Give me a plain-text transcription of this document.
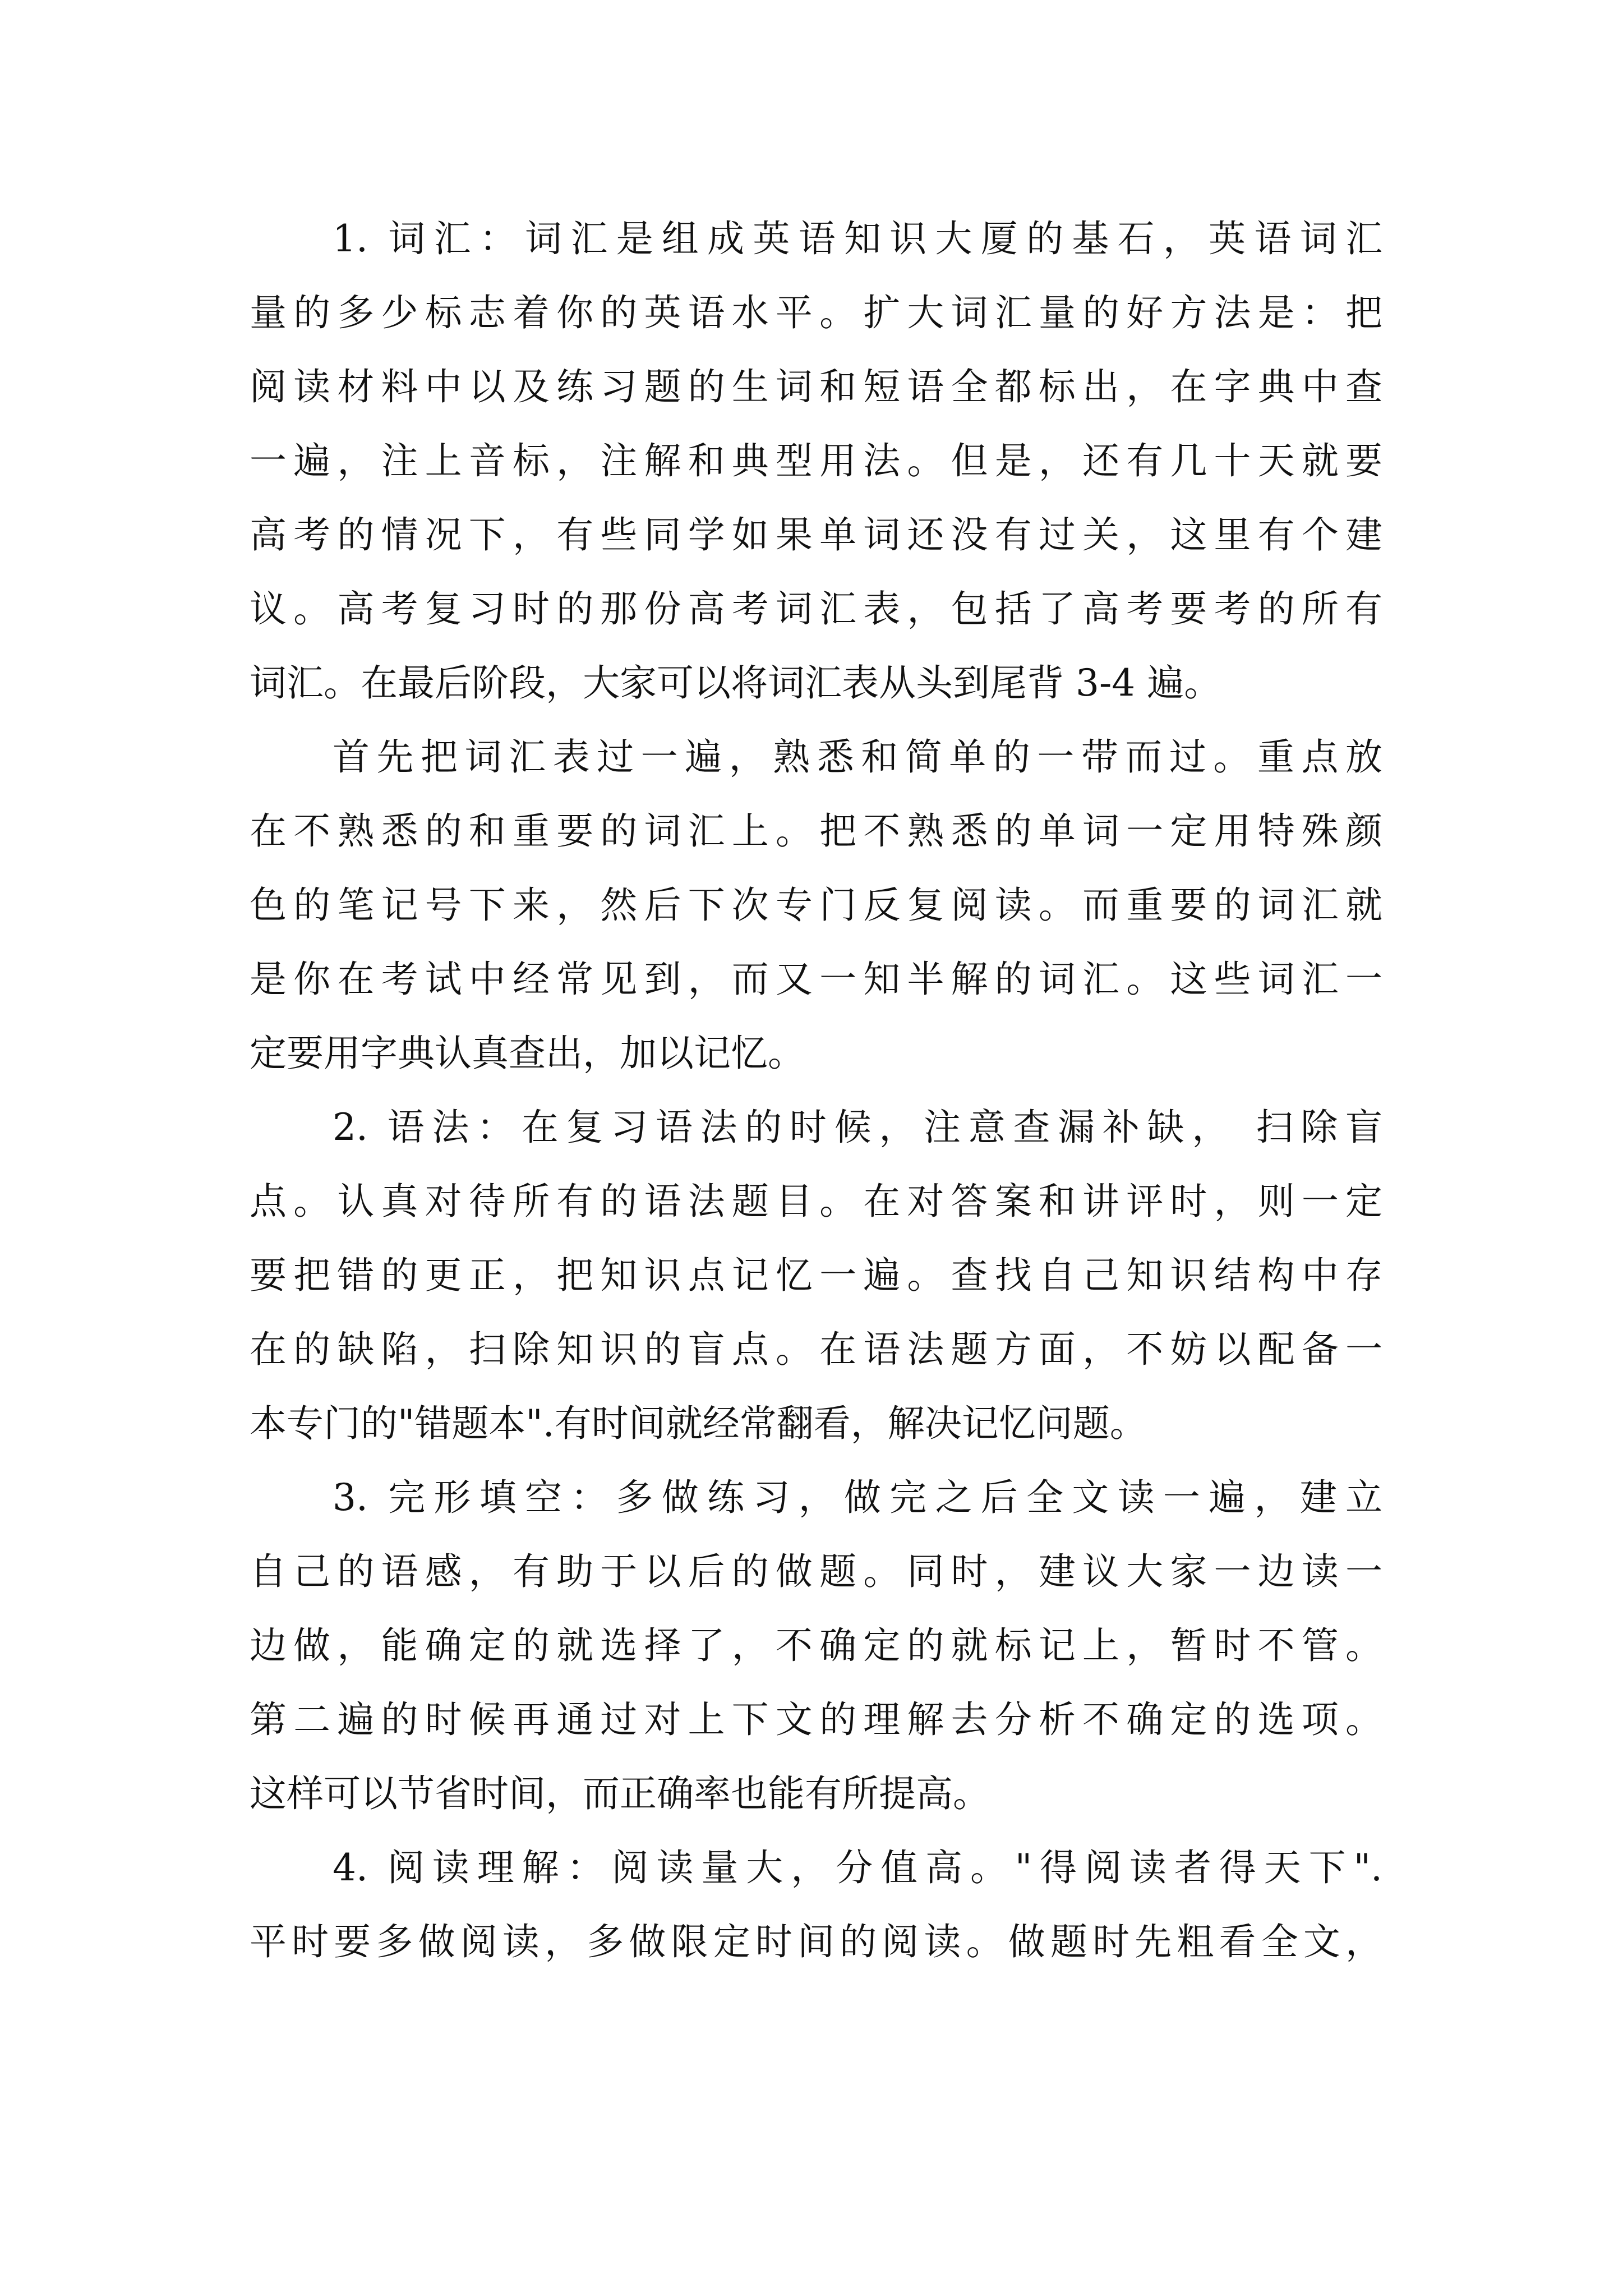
1. 词汇：词汇是组成英语知识大厦的基石，英语词汇
量的多少标志着你的英语水平。扩大词汇量的好方法是：把
阅读材料中以及练习题的生词和短语全都标出，在字典中查
一遍，注上音标，注解和典型用法。但是，还有几十天就要
高考的情况下，有些同学如果单词还没有过关，这里有个建
议。高考复习时的那份高考词汇表，包括了高考要考的所有
词汇。在最后阶段，大家可以将词汇表从头到尾背 3-4 遍。

首先把词汇表过一遍，熟悉和简单的一带而过。重点放
在不熟悉的和重要的词汇上。把不熟悉的单词一定用特殊颜
色的笔记号下来，然后下次专门反复阅读。而重要的词汇就
是你在考试中经常见到，而又一知半解的词汇。这些词汇一
定要用字典认真查出，加以记忆。

2. 语法：在复习语法的时候，注意查漏补缺， 扫除盲
点。认真对待所有的语法题目。在对答案和讲评时，则一定
要把错的更正，把知识点记忆一遍。查找自己知识结构中存
在的缺陷，扫除知识的盲点。在语法题方面，不妨以配备一
本专门的"错题本".有时间就经常翻看，解决记忆问题。

3. 完形填空：多做练习，做完之后全文读一遍，建立
自己的语感，有助于以后的做题。同时，建议大家一边读一
边做，能确定的就选择了，不确定的就标记上，暂时不管。
第二遍的时候再通过对上下文的理解去分析不确定的选项。
这样可以节省时间，而正确率也能有所提高。

4. 阅读理解：阅读量大，分值高。"得阅读者得天下".
平时要多做阅读，多做限定时间的阅读。做题时先粗看全文，
